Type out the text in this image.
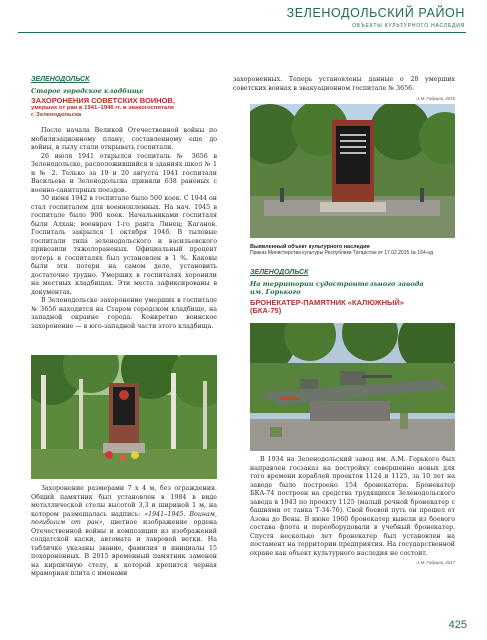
ЗЕЛЕНОДОЛЬСКИЙ РАЙОН
ОБЪЕКТЫ КУЛЬТУРНОГО НАСЛЕДИЯ
ЗЕЛЕНОДОЛЬСК
Старое городское кладбище
ЗАХОРОНЕНИЯ СОВЕТСКИХ ВОИНОВ,
умерших от ран в 1941–1946 гг. в эвакогоспитале
г. Зеленодольска

После начала Великой Отечественной войны по мобилизационному плану, составленному еще до войны, в тылу стали открывать госпитали.

26 июля 1941 открылся госпиталь № 3656 в Зеленодольске, расположившийся в зданиях школ № 1 и № 2. Только за 19 и 20 августа 1941 госпитали Васильева и Зеленодольска приняли 638 раненых с военно-санитарных поездов.

30 июня 1942 в госпитале было 500 коек. С 1944 он стал госпиталем для военнопленных. На нач. 1945 в госпитале было 900 коек. Начальниками госпиталя были Алхан; военврач 1-го ранга Линец; Каганов. Госпиталь закрылся 1 октября 1946. В тыловые госпитали типа зеленодольского и васильевского привозили тяжелораненых. Официальный процент потерь в госпиталях был установлен в 1 %. Каковы были эти потери на самом деле, установить достаточно трудно. Умерших в госпиталях хоронили на местных кладбищах. Эти места зафиксированы в документах.

В Зеленодольске захоронение умерших в госпитале № 3656 находится на Старом городском кладбище, на западной окраине города. Конкретно воинское захоронение — в юго-западной части этого кладбища.

Захоронение размерами 7 х 4 м, без ограждения. Общий памятник был установлен в 1984 в виде металлической стелы высотой 3,3 и шириной 1 м, на котором размещалась надпись: «1941–1945. Воинам, погибшим от ран», цветное изображение ордена Отечественной войны и композиция из изображений солдатской каски, автомата и лавровой ветки. На табличке указаны звание, фамилия и инициалы 15 похороненных. В 2015 временный памятник заменен на кирпичную стелу, к которой крепится черная мраморная плита с именами

захороненных. Теперь установлены данные о 28 умерших советских воинах в эвакуационном госпитале № 3656.

А.М. Гадрина, 2015
Выявленный объект культурного наследия
Приказ Министерства культуры Республики Татарстан от 17.02.2015 № 164-од
ЗЕЛЕНОДОЛЬСК
На территории судостроительного завода
им. Горького
БРОНЕКАТЕР-ПАМЯТНИК «КАЛЮЖНЫЙ»
(БКА-75)

В 1934 на Зеленодольский завод им. А.М. Горького был направлен госзаказ на постройку совершенно новых для того времени кораблей проектов 1124 и 1125, за 10 лет на заводе было построено 154 бронекатера. Бронекатер БКА-74 построен на средства трудящихся Зеленодольского завода в 1943 по проекту 1125 (малый речной бронекатер с башнями от танка Т-34-76). Свой боевой путь он прошел от Азова до Вены. В июне 1960 бронекатер вывели из боевого состава флота и переоборудовали в учебный бронекатер. Спустя несколько лет бронекатер был установлен на постамент на территории предприятия. На государственной охране как объект культурного наследия не состоит.

А.М. Гадрина, 2017
425
